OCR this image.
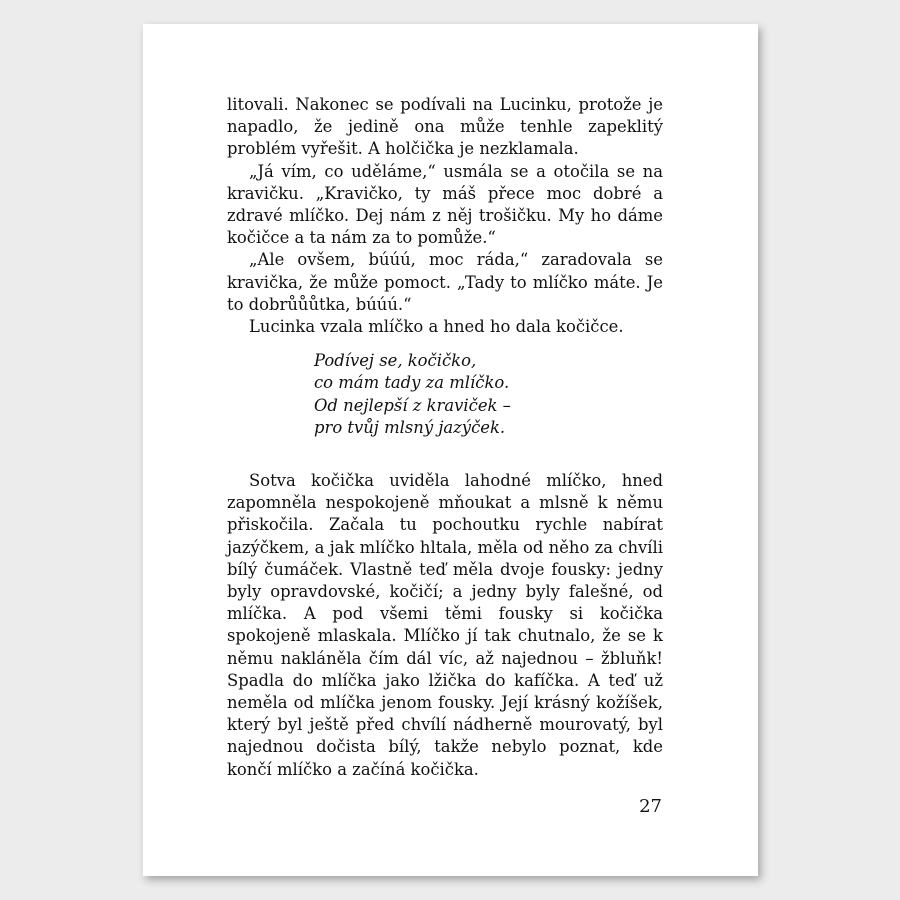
litovali. Nakonec se podívali na Lucinku, protože je napadlo, že jedině ona může tenhle zapeklitý problém vyřešit. A holčička je nezklamala.

„Já vím, co uděláme,“ usmála se a otočila se na kravičku. „Kravičko, ty máš přece moc dobré a zdravé mlíčko. Dej nám z něj trošičku. My ho dáme kočičce a ta nám za to pomůže.“

„Ale ovšem, búúú, moc ráda,“ zaradovala se kravička, že může pomoct. „Tady to mlíčko máte. Je to dobrůůůtka, búúú.“

Lucinka vzala mlíčko a hned ho dala kočičce.

Podívej se, kočičko,
co mám tady za mlíčko.
Od nejlepší z kraviček –
pro tvůj mlsný jazýček.

Sotva kočička uviděla lahodné mlíčko, hned zapomněla nespokojeně mňoukat a mlsně k němu přiskočila. Začala tu pochoutku rychle nabírat jazýčkem, a jak mlíčko hltala, měla od něho za chvíli bílý čumáček. Vlastně teď měla dvoje fousky: jedny byly opravdovské, kočičí; a jedny byly falešné, od mlíčka. A pod všemi těmi fousky si kočička spokojeně mlaskala. Mlíčko jí tak chutnalo, že se k němu nakláněla čím dál víc, až najednou – žbluňk! Spadla do mlíčka jako lžička do kafíčka. A teď už neměla od mlíčka jenom fousky. Její krásný kožíšek, který byl ještě před chvílí nádherně mourovatý, byl najednou dočista bílý, takže nebylo poznat, kde končí mlíčko a začíná kočička.

27
